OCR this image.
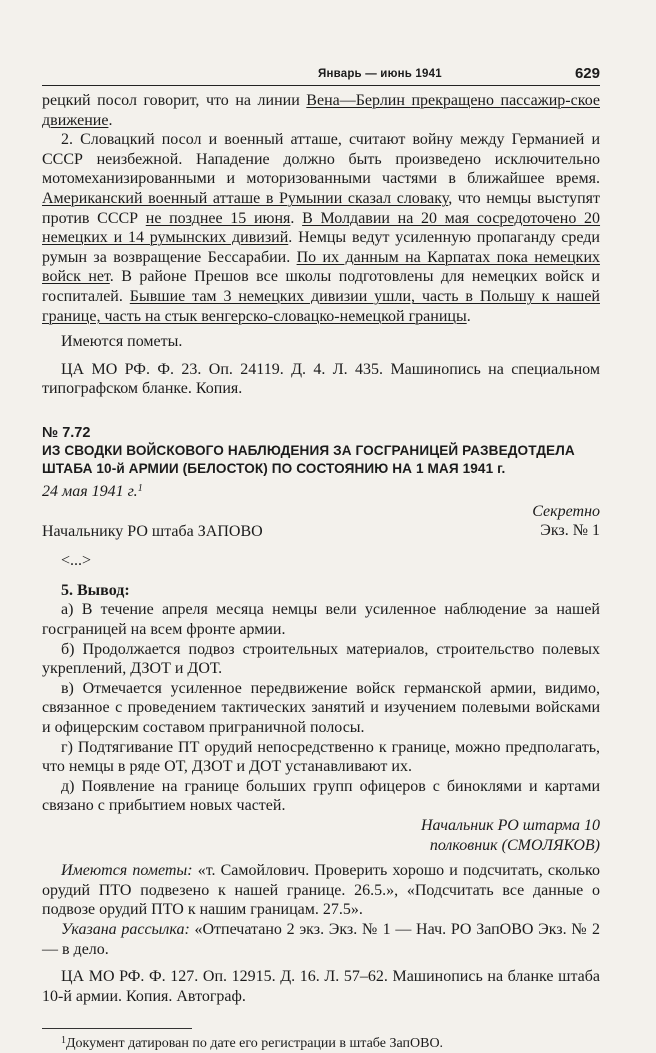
Январь — июнь 1941	629

рецкий посол говорит, что на линии Вена—Берлин прекращено пассажир-ское движение.

2. Словацкий посол и военный атташе, считают войну между Германией и СССР неизбежной. Нападение должно быть произведено исключительно мотомеханизированными и моторизованными частями в ближайшее время. Американский военный атташе в Румынии сказал словаку, что немцы выступят против СССР не позднее 15 июня. В Молдавии на 20 мая сосредоточено 20 немецких и 14 румынских дивизий. Немцы ведут усиленную пропаганду среди румын за возвращение Бессарабии. По их данным на Карпатах пока немецких войск нет. В районе Прешов все школы подготовлены для немецких войск и госпиталей. Бывшие там 3 немецких дивизии ушли, часть в Польшу к нашей границе, часть на стык венгерско-словацко-немецкой границы.

Имеются пометы.

ЦА МО РФ. Ф. 23. Оп. 24119. Д. 4. Л. 435. Машинопись на специальном типографском бланке. Копия.

№ 7.72
ИЗ СВОДКИ ВОЙСКОВОГО НАБЛЮДЕНИЯ ЗА ГОСГРАНИЦЕЙ РАЗВЕДОТДЕЛА ШТАБА 10-й АРМИИ (БЕЛОСТОК) ПО СОСТОЯНИЮ НА 1 МАЯ 1941 г.
24 мая 1941 г.$^1$
Секретно
Экз. № 1
Начальнику РО штаба ЗАПОВО
<...>
5. Вывод:

а) В течение апреля месяца немцы вели усиленное наблюдение за нашей госграницей на всем фронте армии.

б) Продолжается подвоз строительных материалов, строительство полевых укреплений, ДЗОТ и ДОТ.

в) Отмечается усиленное передвижение войск германской армии, видимо, связанное с проведением тактических занятий и изучением полевыми войсками и офицерским составом приграничной полосы.

г) Подтягивание ПТ орудий непосредственно к границе, можно предполагать, что немцы в ряде ОТ, ДЗОТ и ДОТ устанавливают их.

д) Появление на границе больших групп офицеров с биноклями и картами связано с прибытием новых частей.

Начальник РО штарма 10
полковник (СМОЛЯКОВ)

Имеются пометы: «т. Самойлович. Проверить хорошо и подсчитать, сколько орудий ПТО подвезено к нашей границе. 26.5.», «Подсчитать все данные о подвозе орудий ПТО к нашим границам. 27.5».

Указана рассылка: «Отпечатано 2 экз. Экз. № 1 — Нач. РО ЗапОВО Экз. № 2 — в дело.

ЦА МО РФ. Ф. 127. Оп. 12915. Д. 16. Л. 57–62. Машинопись на бланке штаба 10-й армии. Копия. Автограф.

$^1$Документ датирован по дате его регистрации в штабе ЗапОВО.
